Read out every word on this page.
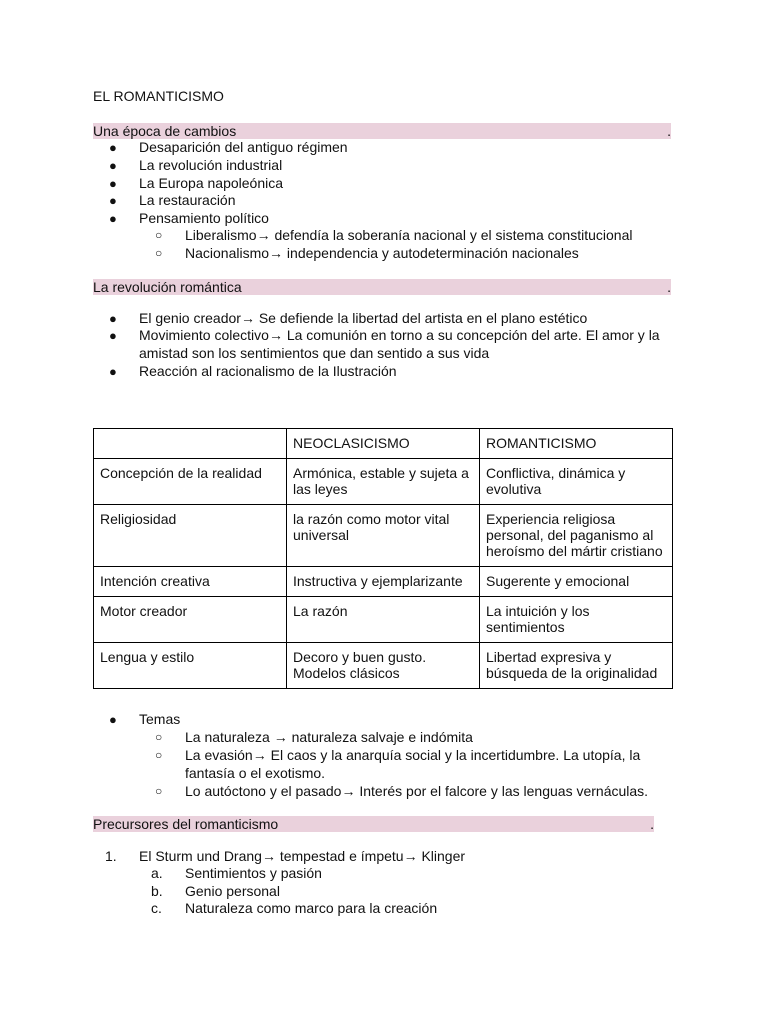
EL ROMANTICISMO
Una época de cambios	.
●	Desaparición del antiguo régimen
●	La revolución industrial
●	La Europa napoleónica
●	La restauración
●	Pensamiento político
○ Liberalismo→ defendía la soberanía nacional y el sistema constitucional
○ Nacionalismo→ independencia y autodeterminación nacionales
La revolución romántica	.
●	El genio creador→ Se defiende la libertad del artista en el plano estético
●	Movimiento colectivo→ La comunión en torno a su concepción del arte. El amor y la
amistad son los sentimientos que dan sentido a sus vida
●	Reacción al racionalismo de la Ilustración
	NEOCLASICISMO	ROMANTICISMO
Concepción de la realidad	Armónica, estable y sujeta a las leyes	Conflictiva, dinámica y evolutiva
Religiosidad	la razón como motor vital universal	Experiencia religiosa personal, del paganismo al heroísmo del mártir cristiano
Intención creativa	Instructiva y ejemplarizante	Sugerente y emocional
Motor creador	La razón	La intuición y los sentimientos
Lengua y estilo	Decoro y buen gusto. Modelos clásicos	Libertad expresiva y búsqueda de la originalidad
●	Temas
○ La naturaleza → naturaleza salvaje e indómita
○ La evasión→ El caos y la anarquía social y la incertidumbre. La utopía, la
fantasía o el exotismo.
○ Lo autóctono y el pasado→ Interés por el falcore y las lenguas vernáculas.
Precursores del romanticismo	.
1. El Sturm und Drang→ tempestad e ímpetu→ Klinger
a. Sentimientos y pasión
b. Genio personal
c. Naturaleza como marco para la creación
